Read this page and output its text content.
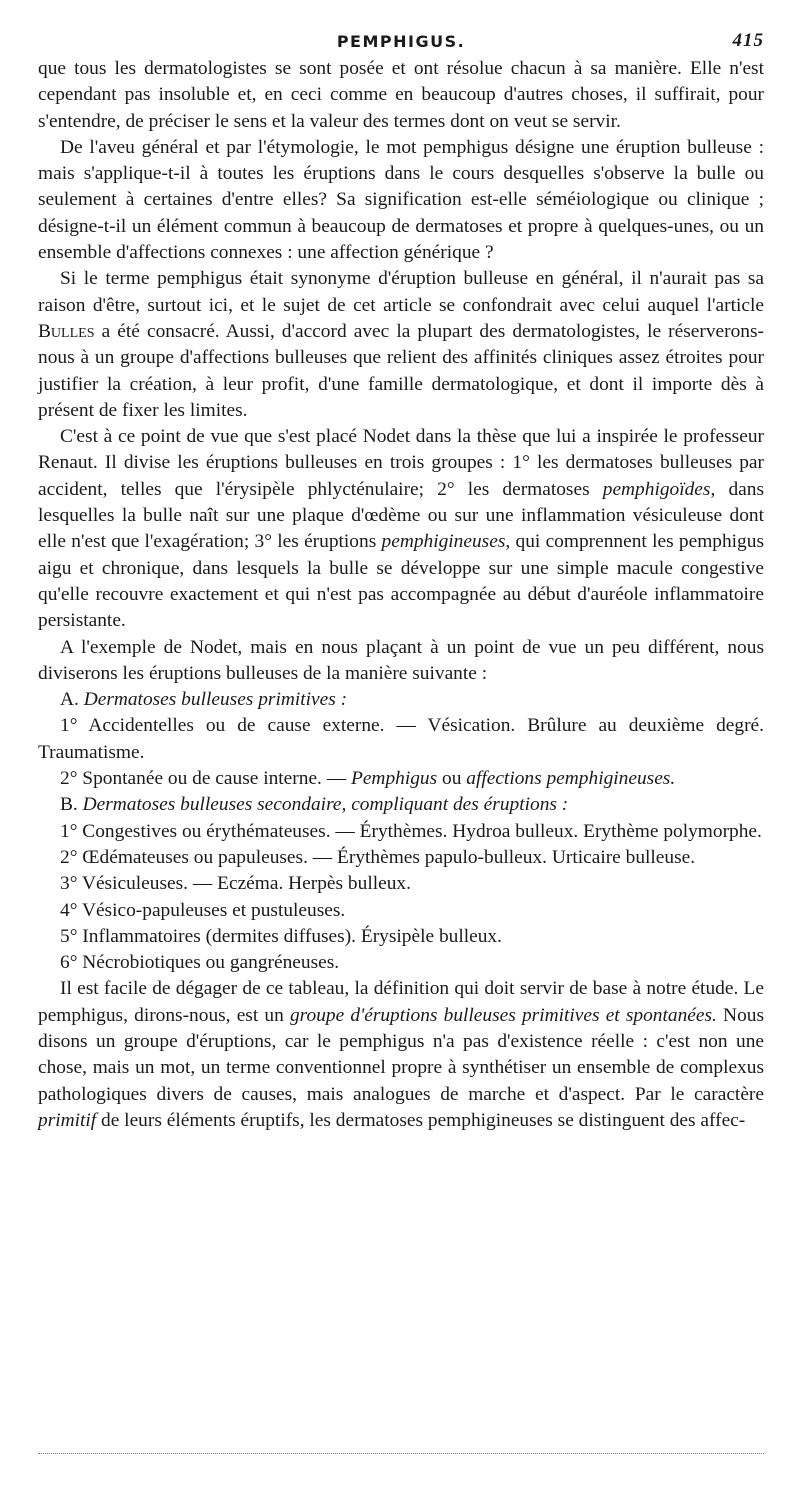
PEMPHIGUS.	415

que tous les dermatologistes se sont posée et ont résolue chacun à sa manière. Elle n'est cependant pas insoluble et, en ceci comme en beaucoup d'autres choses, il suffirait, pour s'entendre, de préciser le sens et la valeur des termes dont on veut se servir.

De l'aveu général et par l'étymologie, le mot pemphigus désigne une éruption bulleuse : mais s'applique-t-il à toutes les éruptions dans le cours desquelles s'observe la bulle ou seulement à certaines d'entre elles? Sa signification est-elle séméiologique ou clinique ; désigne-t-il un élément commun à beaucoup de dermatoses et propre à quelques-unes, ou un ensemble d'affections connexes : une affection générique ?

Si le terme pemphigus était synonyme d'éruption bulleuse en général, il n'aurait pas sa raison d'être, surtout ici, et le sujet de cet article se confondrait avec celui auquel l'article Bulles a été consacré. Aussi, d'accord avec la plupart des dermatologistes, le réserverons-nous à un groupe d'affections bulleuses que relient des affinités cliniques assez étroites pour justifier la création, à leur profit, d'une famille dermatologique, et dont il importe dès à présent de fixer les limites.

C'est à ce point de vue que s'est placé Nodet dans la thèse que lui a inspirée le professeur Renaut. Il divise les éruptions bulleuses en trois groupes : 1° les dermatoses bulleuses par accident, telles que l'érysipèle phlycténulaire; 2° les dermatoses pemphigoïdes, dans lesquelles la bulle naît sur une plaque d'œdème ou sur une inflammation vésiculeuse dont elle n'est que l'exagération; 3° les éruptions pemphigineuses, qui comprennent les pemphigus aigu et chronique, dans lesquels la bulle se développe sur une simple macule congestive qu'elle recouvre exactement et qui n'est pas accompagnée au début d'auréole inflammatoire persistante.

A l'exemple de Nodet, mais en nous plaçant à un point de vue un peu différent, nous diviserons les éruptions bulleuses de la manière suivante :

A. Dermatoses bulleuses primitives :

1° Accidentelles ou de cause externe. — Vésication. Brûlure au deuxième degré. Traumatisme.

2° Spontanée ou de cause interne. — Pemphigus ou affections pemphigineuses.

B. Dermatoses bulleuses secondaire, compliquant des éruptions :

1° Congestives ou érythémateuses. — Érythèmes. Hydroa bulleux. Erythème polymorphe.

2° Œdémateuses ou papuleuses. — Érythèmes papulo-bulleux. Urticaire bulleuse.

3° Vésiculeuses. — Eczéma. Herpès bulleux.

4° Vésico-papuleuses et pustuleuses.

5° Inflammatoires (dermites diffuses). Érysipèle bulleux.

6° Nécrobiotiques ou gangréneuses.

Il est facile de dégager de ce tableau, la définition qui doit servir de base à notre étude. Le pemphigus, dirons-nous, est un groupe d'éruptions bulleuses primitives et spontanées. Nous disons un groupe d'éruptions, car le pemphigus n'a pas d'existence réelle : c'est non une chose, mais un mot, un terme conventionnel propre à synthétiser un ensemble de complexus pathologiques divers de causes, mais analogues de marche et d'aspect. Par le caractère primitif de leurs éléments éruptifs, les dermatoses pemphigineuses se distinguent des affec-
